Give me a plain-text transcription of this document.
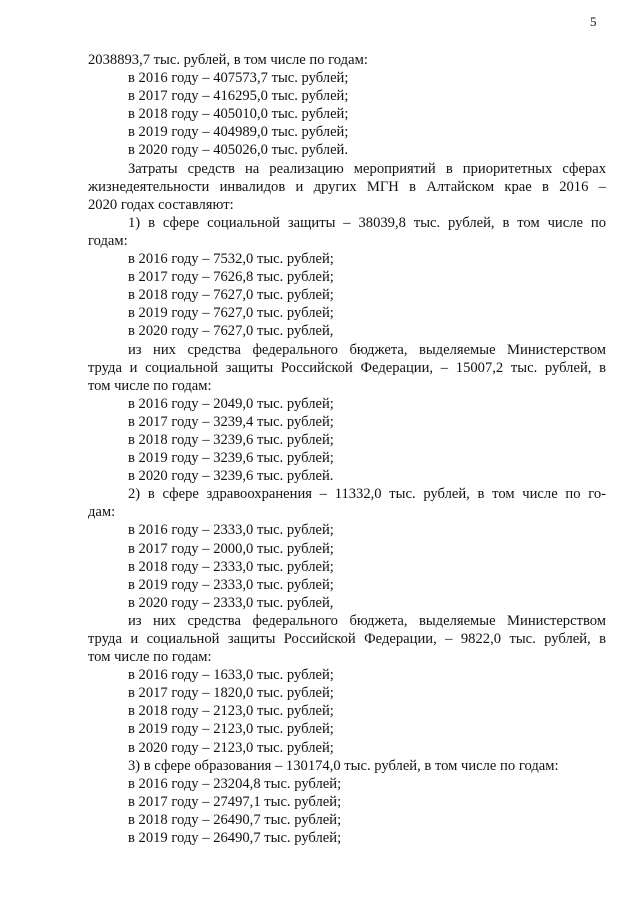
5
2038893,7 тыс. рублей, в том числе по годам:
в 2016 году – 407573,7 тыс. рублей;
в 2017 году – 416295,0 тыс. рублей;
в 2018 году – 405010,0 тыс. рублей;
в 2019 году – 404989,0 тыс. рублей;
в 2020 году – 405026,0 тыс. рублей.
Затраты средств на реализацию мероприятий в приоритетных сферах
жизнедеятельности инвалидов и других МГН в Алтайском крае в 2016 –
2020 годах составляют:
1) в сфере социальной защиты – 38039,8 тыс. рублей, в том числе по
годам:
в 2016 году – 7532,0 тыс. рублей;
в 2017 году – 7626,8 тыс. рублей;
в 2018 году – 7627,0 тыс. рублей;
в 2019 году – 7627,0 тыс. рублей;
в 2020 году – 7627,0 тыс. рублей,
из них средства федерального бюджета, выделяемые Министерством
труда и социальной защиты Российской Федерации, – 15007,2 тыс. рублей, в
том числе по годам:
в 2016 году – 2049,0 тыс. рублей;
в 2017 году – 3239,4 тыс. рублей;
в 2018 году – 3239,6 тыс. рублей;
в 2019 году – 3239,6 тыс. рублей;
в 2020 году – 3239,6 тыс. рублей.
2) в сфере здравоохранения – 11332,0 тыс. рублей, в том числе по го-
дам:
в 2016 году – 2333,0 тыс. рублей;
в 2017 году – 2000,0 тыс. рублей;
в 2018 году – 2333,0 тыс. рублей;
в 2019 году – 2333,0 тыс. рублей;
в 2020 году – 2333,0 тыс. рублей,
из них средства федерального бюджета, выделяемые Министерством
труда и социальной защиты Российской Федерации, – 9822,0 тыс. рублей, в
том числе по годам:
в 2016 году – 1633,0 тыс. рублей;
в 2017 году – 1820,0 тыс. рублей;
в 2018 году – 2123,0 тыс. рублей;
в 2019 году – 2123,0 тыс. рублей;
в 2020 году – 2123,0 тыс. рублей;
3) в сфере образования – 130174,0 тыс. рублей, в том числе по годам:
в 2016 году – 23204,8 тыс. рублей;
в 2017 году – 27497,1 тыс. рублей;
в 2018 году – 26490,7 тыс. рублей;
в 2019 году – 26490,7 тыс. рублей;
